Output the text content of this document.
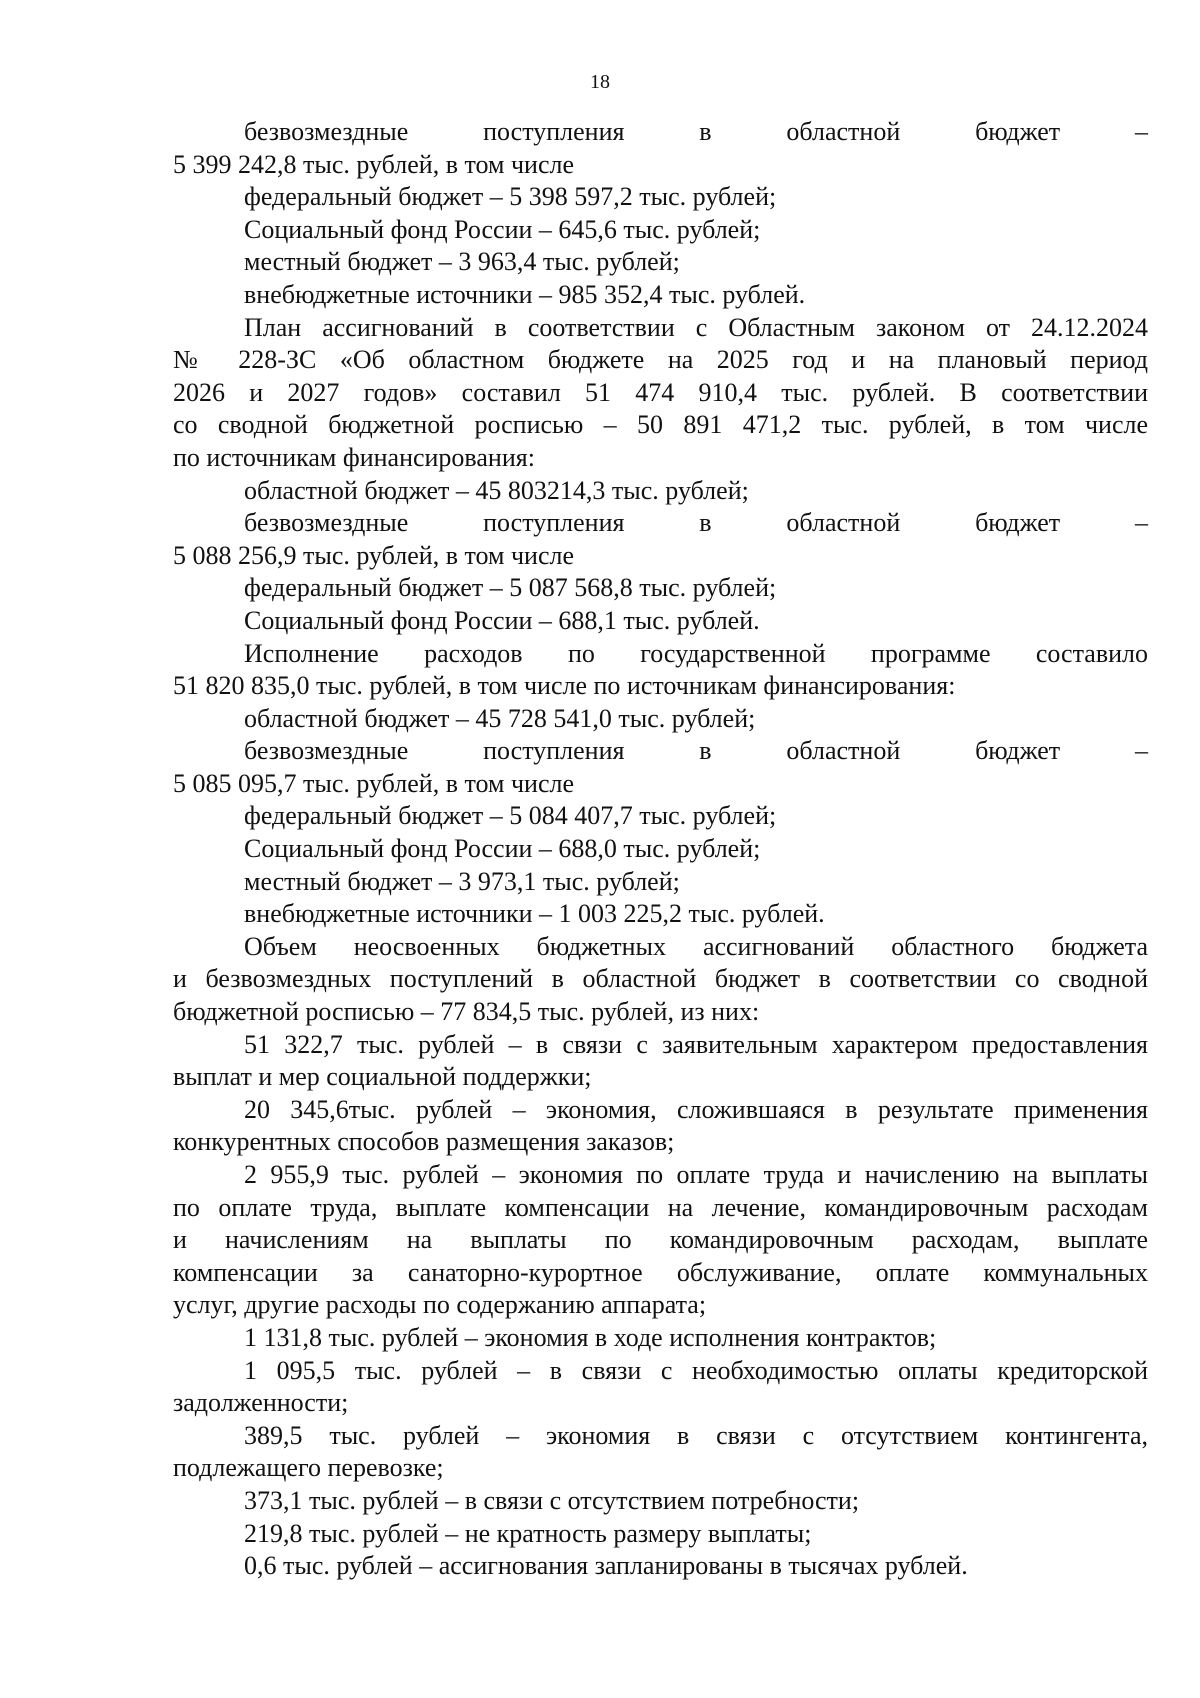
18
безвозмездные поступления в областной бюджет –
5 399 242,8 тыс. рублей, в том числе
федеральный бюджет – 5 398 597,2 тыс. рублей;
Социальный фонд России – 645,6 тыс. рублей;
местный бюджет – 3 963,4 тыс. рублей;
внебюджетные источники – 985 352,4 тыс. рублей.
План ассигнований в соответствии с Областным законом от 24.12.2024
№ 228-ЗС «Об областном бюджете на 2025 год и на плановый период
2026 и 2027 годов» составил 51 474 910,4 тыс. рублей. В соответствии
со сводной бюджетной росписью – 50 891 471,2 тыс. рублей, в том числе
по источникам финансирования:
областной бюджет – 45 803214,3 тыс. рублей;
безвозмездные поступления в областной бюджет –
5 088 256,9 тыс. рублей, в том числе
федеральный бюджет – 5 087 568,8 тыс. рублей;
Социальный фонд России – 688,1 тыс. рублей.
Исполнение расходов по государственной программе составило
51 820 835,0 тыс. рублей, в том числе по источникам финансирования:
областной бюджет – 45 728 541,0 тыс. рублей;
безвозмездные поступления в областной бюджет –
5 085 095,7 тыс. рублей, в том числе
федеральный бюджет – 5 084 407,7 тыс. рублей;
Социальный фонд России – 688,0 тыс. рублей;
местный бюджет – 3 973,1 тыс. рублей;
внебюджетные источники – 1 003 225,2 тыс. рублей.
Объем неосвоенных бюджетных ассигнований областного бюджета
и безвозмездных поступлений в областной бюджет в соответствии со сводной
бюджетной росписью – 77 834,5 тыс. рублей, из них:
51 322,7 тыс. рублей – в связи с заявительным характером предоставления
выплат и мер социальной поддержки;
20 345,6тыс. рублей – экономия, сложившаяся в результате применения
конкурентных способов размещения заказов;
2 955,9 тыс. рублей – экономия по оплате труда и начислению на выплаты
по оплате труда, выплате компенсации на лечение, командировочным расходам
и начислениям на выплаты по командировочным расходам, выплате
компенсации за санаторно-курортное обслуживание, оплате коммунальных
услуг, другие расходы по содержанию аппарата;
1 131,8 тыс. рублей – экономия в ходе исполнения контрактов;
1 095,5 тыс. рублей – в связи с необходимостью оплаты кредиторской
задолженности;
389,5 тыс. рублей – экономия в связи с отсутствием контингента,
подлежащего перевозке;
373,1 тыс. рублей – в связи с отсутствием потребности;
219,8 тыс. рублей – не кратность размеру выплаты;
0,6 тыс. рублей – ассигнования запланированы в тысячах рублей.
